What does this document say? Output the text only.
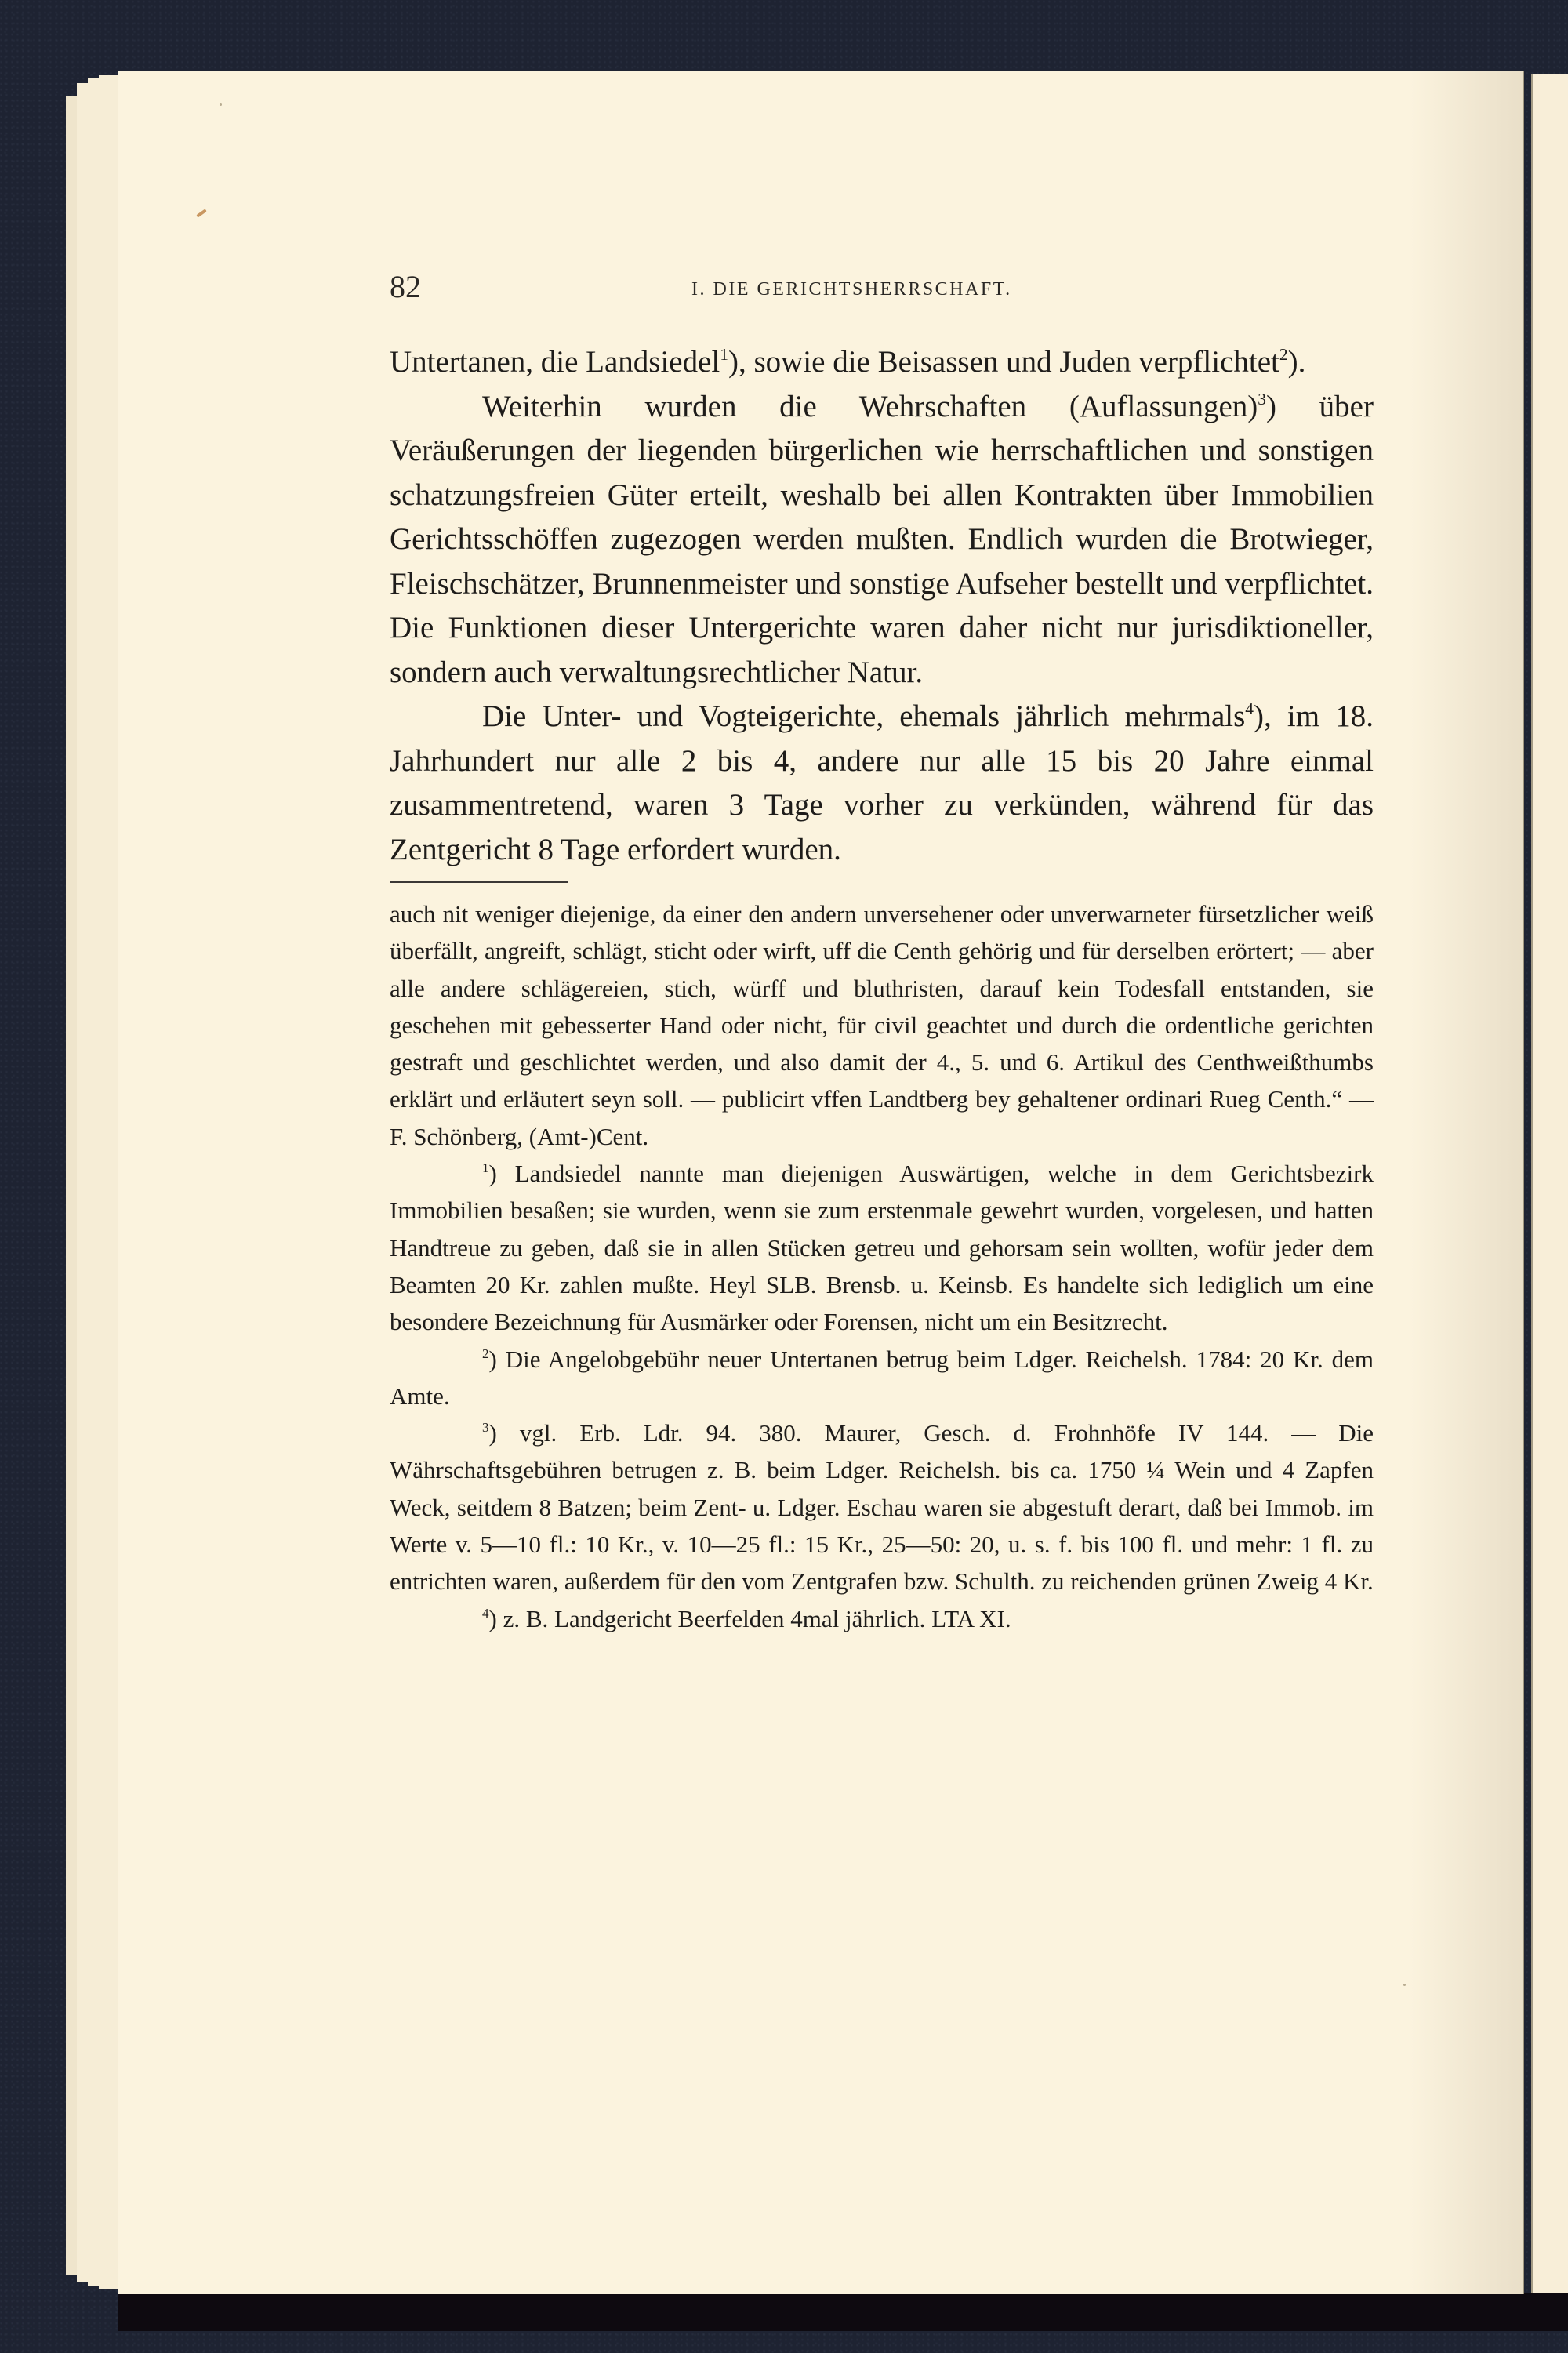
82	I. DIE GERICHTSHERRSCHAFT.

Untertanen, die Landsiedel$^1$), sowie die Beisassen und Juden verpflichtet$^2$).

Weiterhin wurden die Wehrschaften (Auflassungen)$^3$) über Veräußerungen der liegenden bürgerlichen wie herrschaftlichen und sonstigen schatzungsfreien Güter erteilt, weshalb bei allen Kontrakten über Immobilien Gerichtsschöffen zugezogen werden mußten. Endlich wurden die Brotwieger, Fleischschätzer, Brunnenmeister und sonstige Aufseher bestellt und verpflichtet. Die Funktionen dieser Untergerichte waren daher nicht nur jurisdiktioneller, sondern auch verwaltungsrechtlicher Natur.

Die Unter- und Vogteigerichte, ehemals jährlich mehrmals$^4$), im 18. Jahrhundert nur alle 2 bis 4, andere nur alle 15 bis 20 Jahre einmal zusammentretend, waren 3 Tage vorher zu verkünden, während für das Zentgericht 8 Tage erfordert wurden.

auch nit weniger diejenige, da einer den andern unversehener oder unverwarneter fürsetzlicher weiß überfällt, angreift, schlägt, sticht oder wirft, uff die Centh gehörig und für derselben erörtert; — aber alle andere schlägereien, stich, würff und bluthristen, darauf kein Todesfall entstanden, sie geschehen mit gebesserter Hand oder nicht, für civil geachtet und durch die ordentliche gerichten gestraft und geschlichtet werden, und also damit der 4., 5. und 6. Artikul des Centhweißthumbs erklärt und erläutert seyn soll. — publicirt vffen Landtberg bey gehaltener ordinari Rueg Centh.“ — F. Schönberg, (Amt-)Cent.

$^1$) Landsiedel nannte man diejenigen Auswärtigen, welche in dem Gerichtsbezirk Immobilien besaßen; sie wurden, wenn sie zum erstenmale gewehrt wurden, vorgelesen, und hatten Handtreue zu geben, daß sie in allen Stücken getreu und gehorsam sein wollten, wofür jeder dem Beamten 20 Kr. zahlen mußte. Heyl SLB. Brensb. u. Keinsb. Es handelte sich lediglich um eine besondere Bezeichnung für Ausmärker oder Forensen, nicht um ein Besitzrecht.

$^2$) Die Angelobgebühr neuer Untertanen betrug beim Ldger. Reichelsh. 1784: 20 Kr. dem Amte.

$^3$) vgl. Erb. Ldr. 94. 380. Maurer, Gesch. d. Frohnhöfe IV 144. — Die Währschaftsgebühren betrugen z. B. beim Ldger. Reichelsh. bis ca. 1750 ¼ Wein und 4 Zapfen Weck, seitdem 8 Batzen; beim Zent- u. Ldger. Eschau waren sie abgestuft derart, daß bei Immob. im Werte v. 5—10 fl.: 10 Kr., v. 10—25 fl.: 15 Kr., 25—50: 20, u. s. f. bis 100 fl. und mehr: 1 fl. zu entrichten waren, außerdem für den vom Zentgrafen bzw. Schulth. zu reichenden grünen Zweig 4 Kr.

$^4$) z. B. Landgericht Beerfelden 4mal jährlich. LTA XI.
